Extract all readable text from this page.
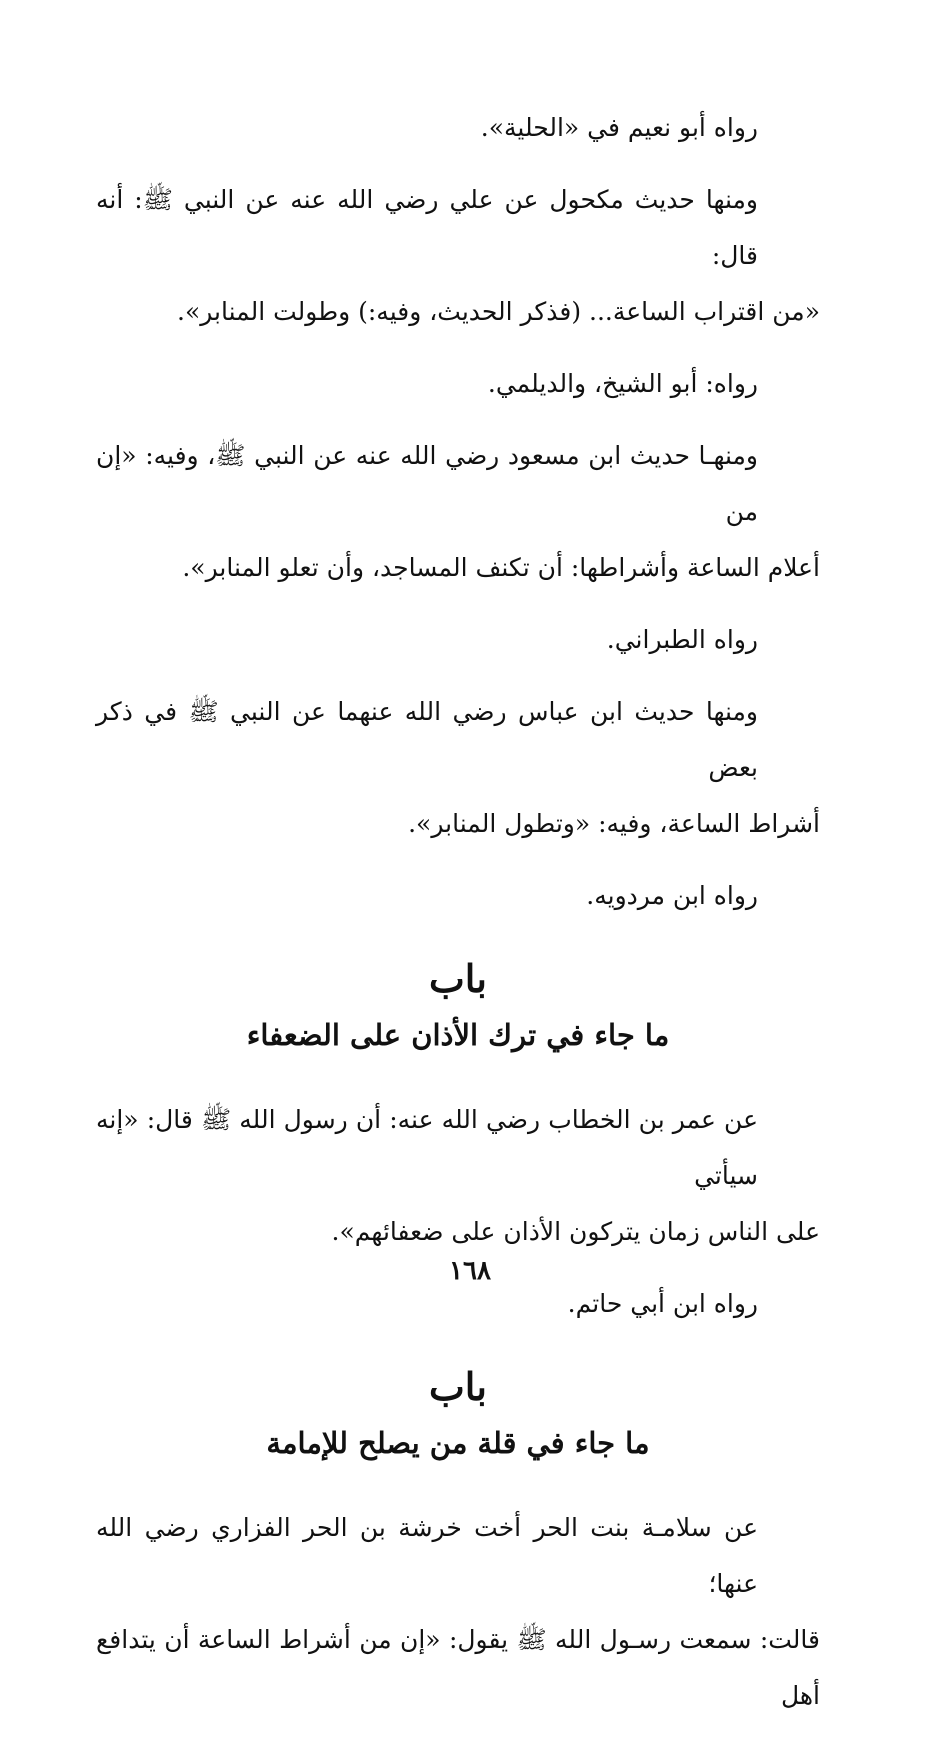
رواه أبو نعيم في «الحلية».

ومنها حديث مكحول عن علي رضي الله عنه عن النبي ﷺ: أنه قال:
«من اقتراب الساعة... (فذكر الحديث، وفيه:) وطولت المنابر».

رواه: أبو الشيخ، والديلمي.

ومنهـا حديث ابن مسعود رضي الله عنه عن النبي ﷺ، وفيه: «إن من
أعلام الساعة وأشراطها: أن تكنف المساجد، وأن تعلو المنابر».

رواه الطبراني.

ومنها حديث ابن عباس رضي الله عنهما عن النبي ﷺ في ذكر بعض
أشراط الساعة، وفيه: «وتطول المنابر».

رواه ابن مردويه.

باب
ما جاء في ترك الأذان على الضعفاء

عن عمر بن الخطاب رضي الله عنه: أن رسول الله ﷺ قال: «إنه سيأتي
على الناس زمان يتركون الأذان على ضعفائهم».

رواه ابن أبي حاتم.

باب
ما جاء في قلة من يصلح للإمامة

عن سلامـة بنت الحر أخت خرشة بن الحر الفزاري رضي الله عنها؛
قالت: سمعت رسـول الله ﷺ يقول: «إن من أشراط الساعة أن يتدافع أهل

١٦٨
